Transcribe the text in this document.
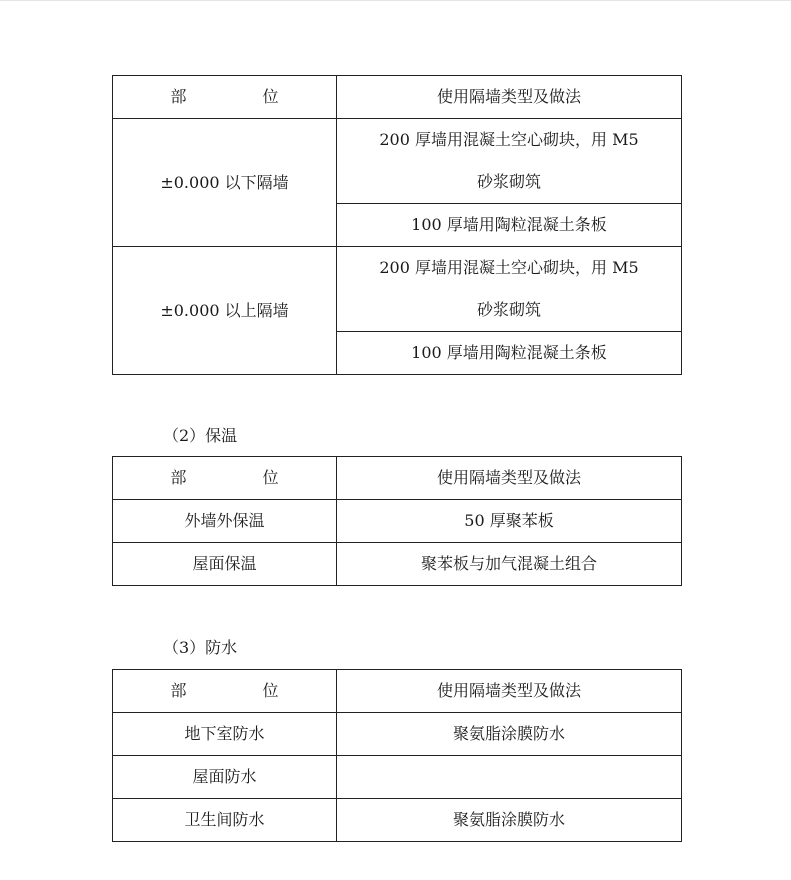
部 位	使用隔墙类型及做法
±0.000 以下隔墙	200 厚墙用混凝土空心砌块，用 M5
砂浆砌筑

	100 厚墙用陶粒混凝土条板
±0.000 以上隔墙	200 厚墙用混凝土空心砌块，用 M5
砂浆砌筑

	100 厚墙用陶粒混凝土条板
（2）保温
部 位	使用隔墙类型及做法
外墙外保温	50 厚聚苯板
屋面保温	聚苯板与加气混凝土组合
（3）防水
部 位	使用隔墙类型及做法
地下室防水	聚氨脂涂膜防水
屋面防水	
卫生间防水	聚氨脂涂膜防水
